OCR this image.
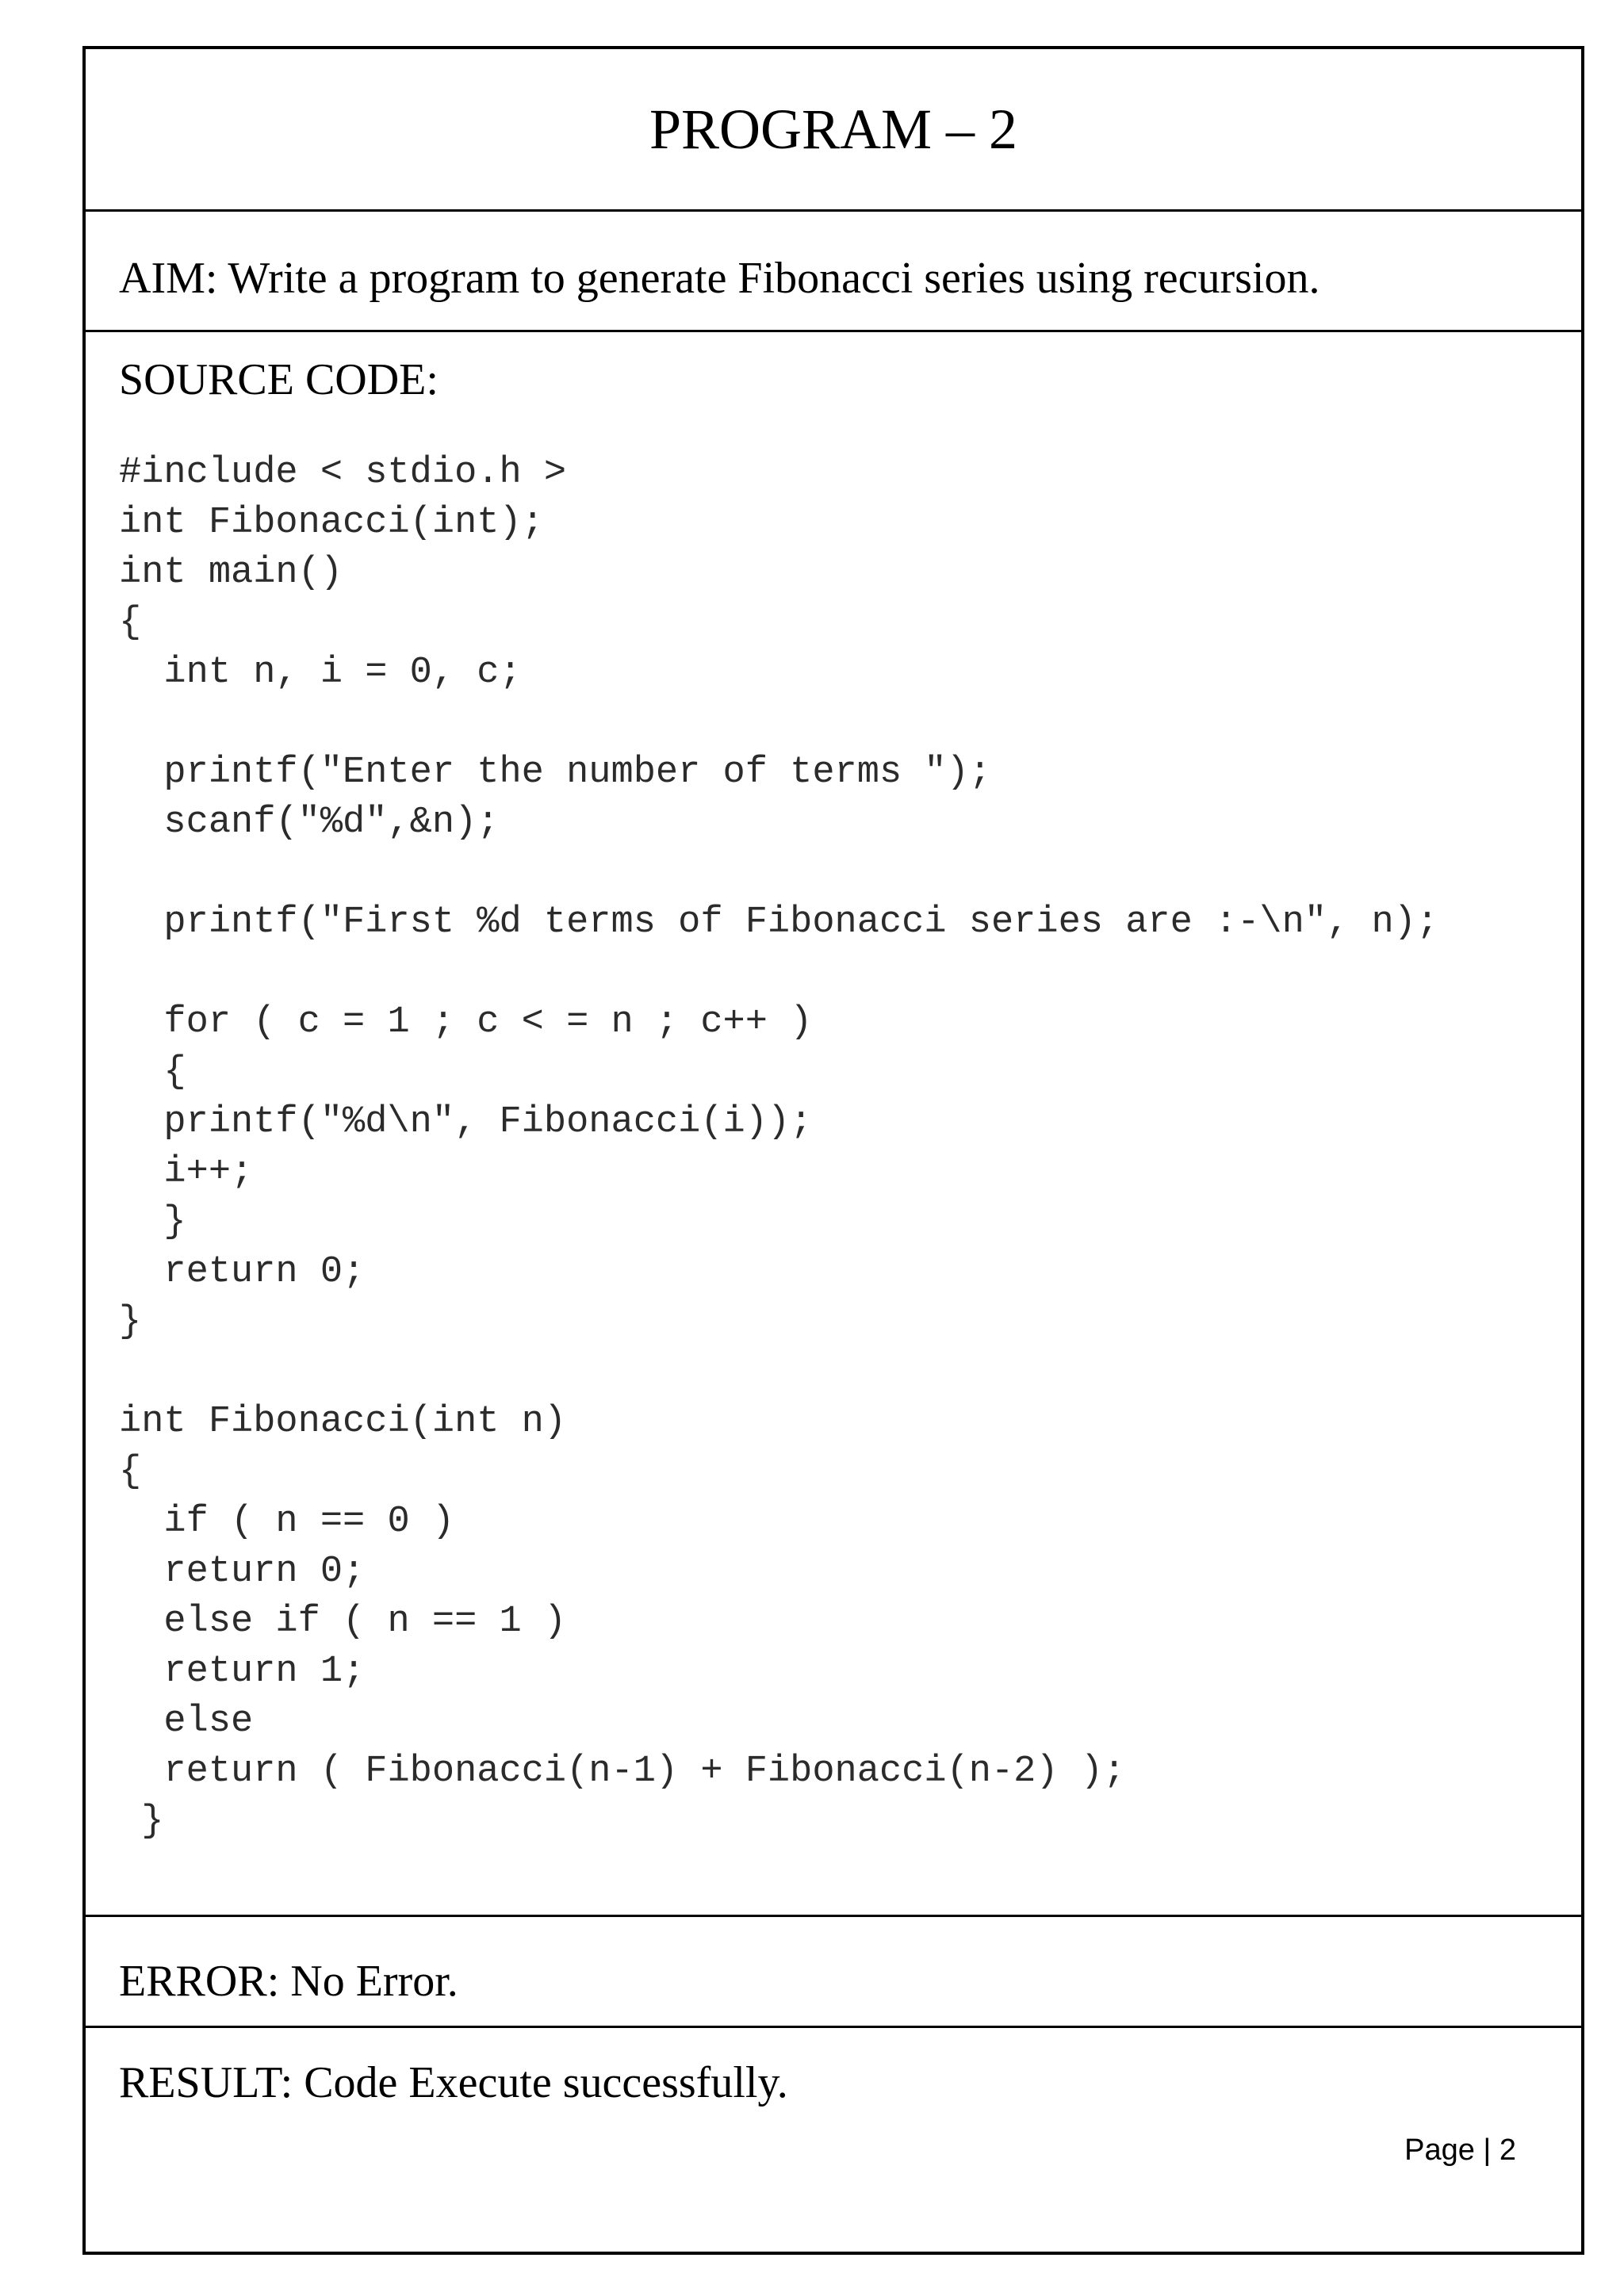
PROGRAM – 2
AIM: Write a program to generate Fibonacci series using recursion.
SOURCE CODE:
#include < stdio.h >
int Fibonacci(int);
int main()
{
int n, i = 0, c;
printf("Enter the number of terms ");
scanf("%d",&n);
printf("First %d terms of Fibonacci series are :-\n", n);
for ( c = 1 ; c < = n ; c++ )
{
printf("%d\n", Fibonacci(i));
i++;
}
return 0;
}
int Fibonacci(int n)
{
if ( n == 0 )
return 0;
else if ( n == 1 )
return 1;
else
return ( Fibonacci(n-1) + Fibonacci(n-2) );
}
ERROR: No Error.
RESULT: Code Execute successfully.
Page | 2
